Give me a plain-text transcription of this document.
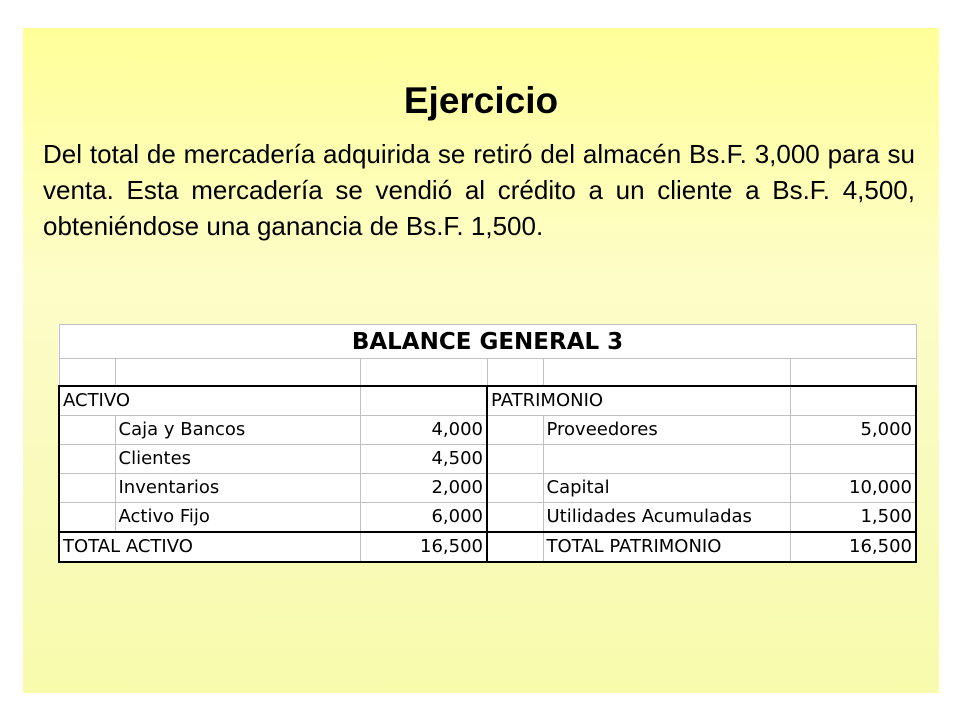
Ejercicio
Del total de mercadería adquirida se retiró del almacén Bs.F. 3,000 para su venta. Esta mercadería se vendió al crédito a un cliente a Bs.F. 4,500, obteniéndose una ganancia de Bs.F. 1,500.
BALANCE GENERAL 3					

ACTIVO			PATRIMONIO		
	Caja y Bancos	4,000		Proveedores	5,000
	Clientes	4,500			
	Inventarios	2,000		Capital	10,000
	Activo Fijo	6,000		Utilidades Acumuladas	1,500
TOTAL ACTIVO		16,500		TOTAL PATRIMONIO	16,500
